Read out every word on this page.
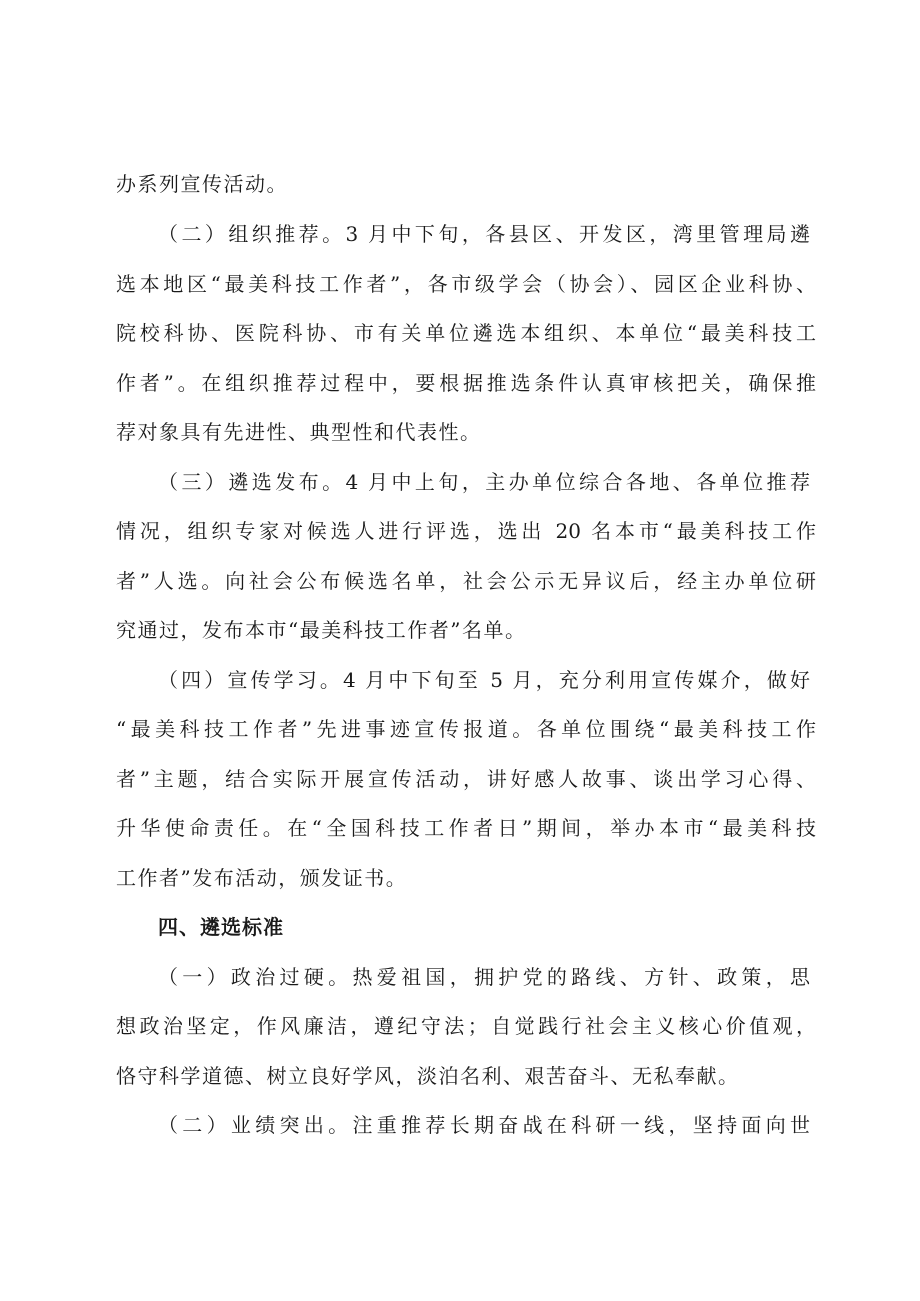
办系列宣传活动。
（二）组织推荐。3 月中下旬，各县区、开发区，湾里管理局遴
选本地区“最美科技工作者”，各市级学会（协会）、园区企业科协、
院校科协、医院科协、市有关单位遴选本组织、本单位“最美科技工
作者”。在组织推荐过程中，要根据推选条件认真审核把关，确保推
荐对象具有先进性、典型性和代表性。
（三）遴选发布。4 月中上旬，主办单位综合各地、各单位推荐
情况，组织专家对候选人进行评选，选出 20 名本市“最美科技工作
者”人选。向社会公布候选名单，社会公示无异议后，经主办单位研
究通过，发布本市“最美科技工作者”名单。
（四）宣传学习。4 月中下旬至 5 月，充分利用宣传媒介，做好
“最美科技工作者”先进事迹宣传报道。各单位围绕“最美科技工作
者”主题，结合实际开展宣传活动，讲好感人故事、谈出学习心得、
升华使命责任。在“全国科技工作者日”期间，举办本市“最美科技
工作者”发布活动，颁发证书。
四、遴选标准
（一）政治过硬。热爱祖国，拥护党的路线、方针、政策，思
想政治坚定，作风廉洁，遵纪守法；自觉践行社会主义核心价值观，
恪守科学道德、树立良好学风，淡泊名利、艰苦奋斗、无私奉献。
（二）业绩突出。注重推荐长期奋战在科研一线，坚持面向世
